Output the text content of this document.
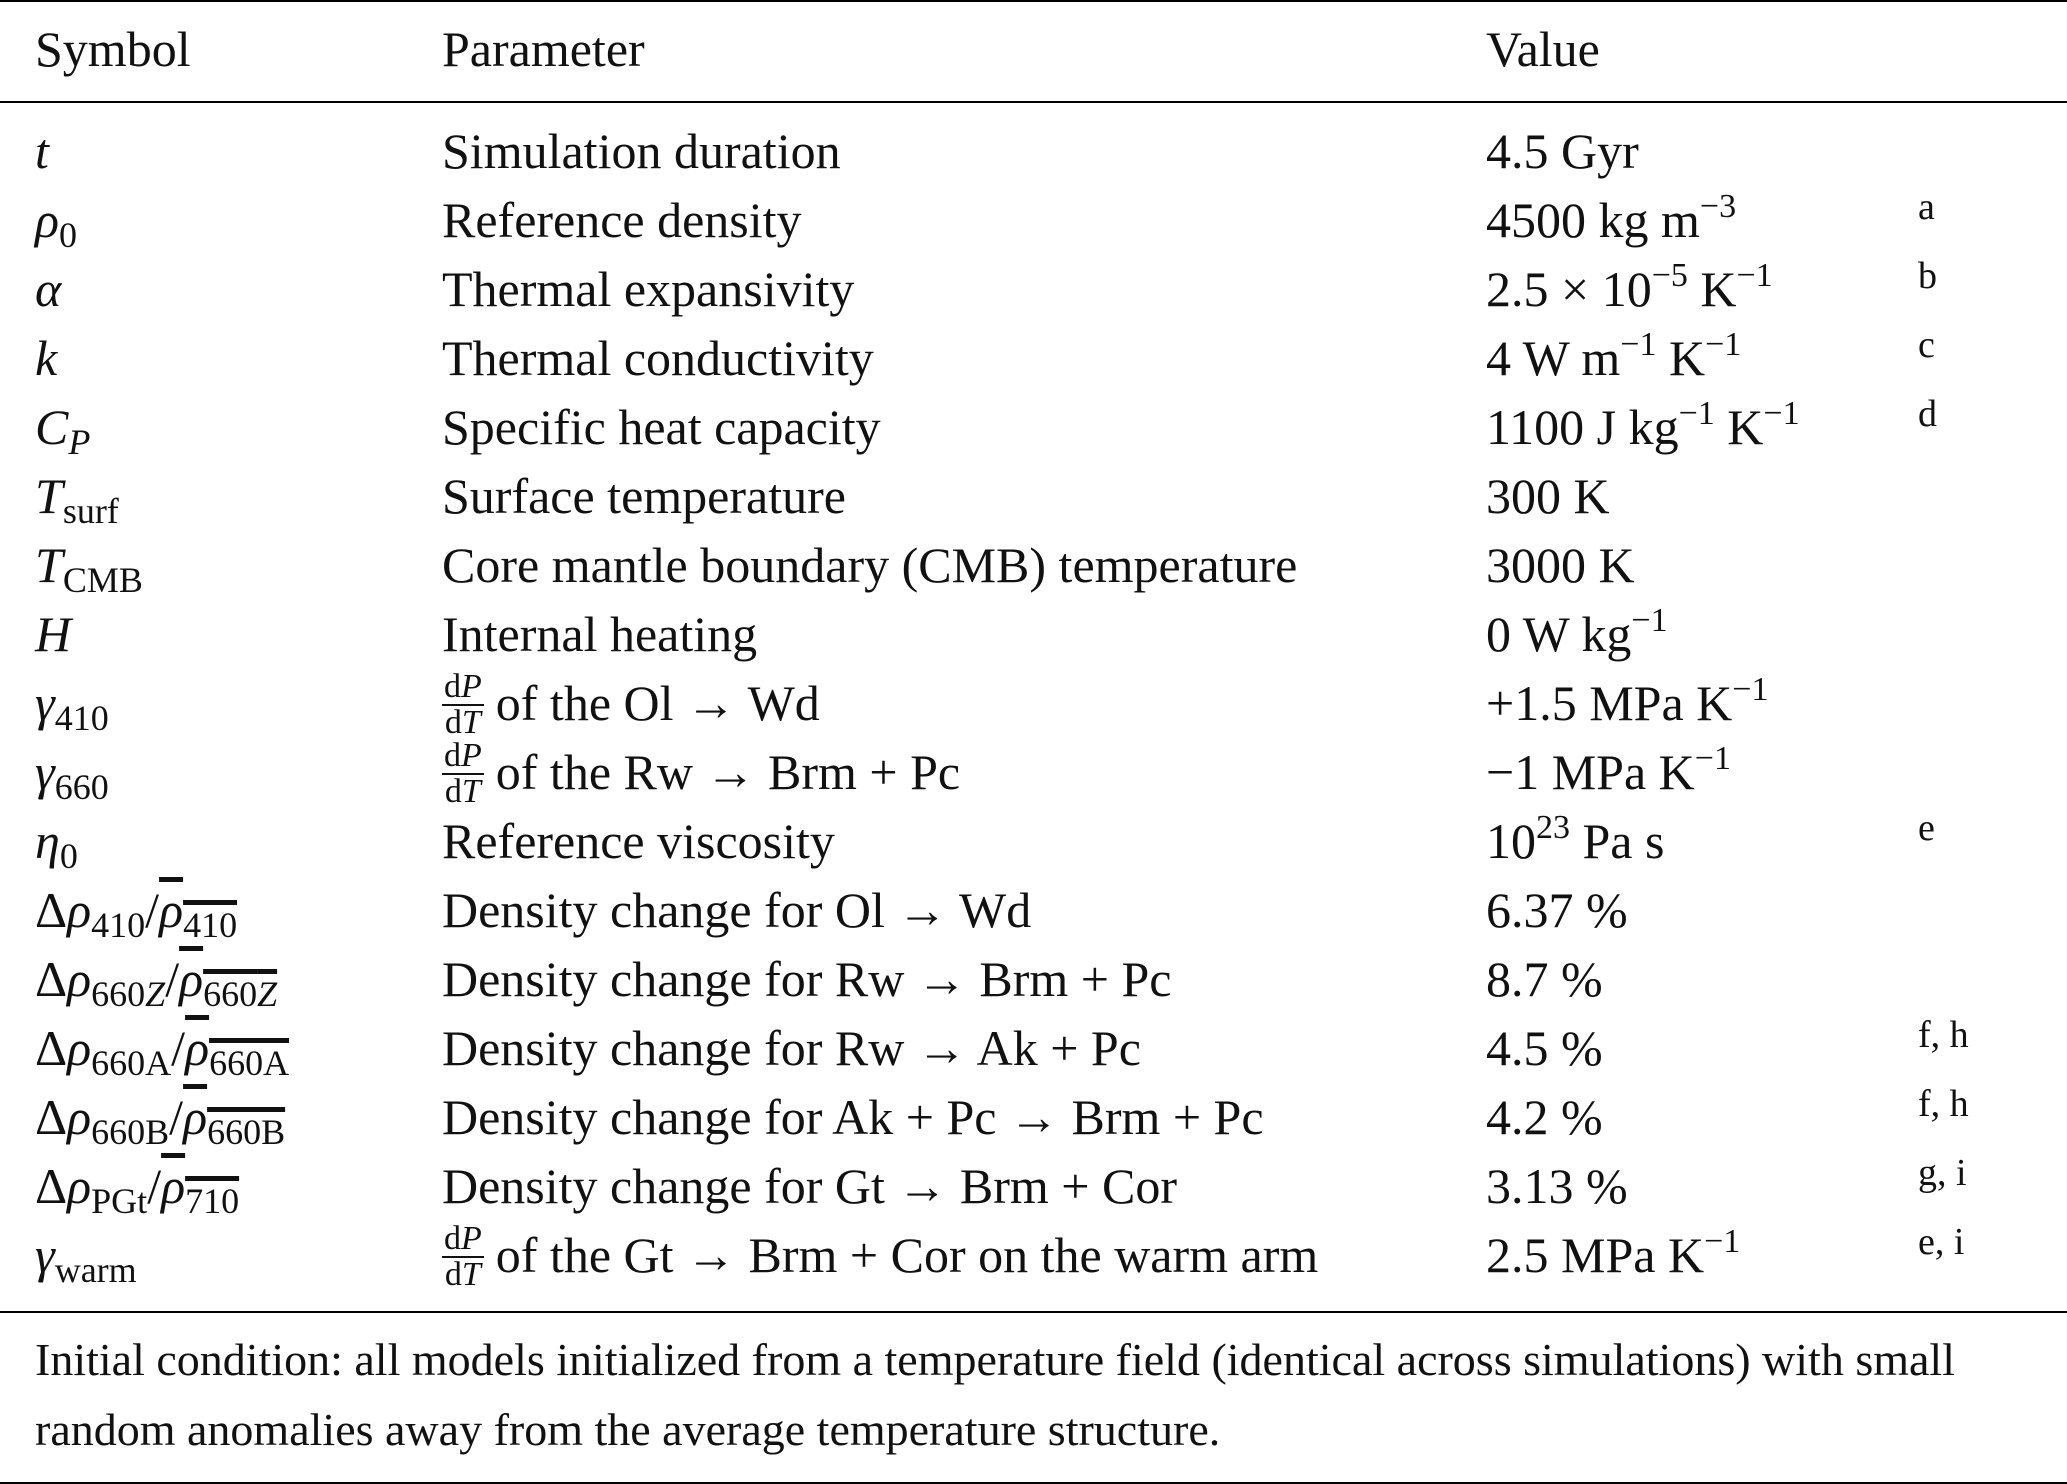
Symbol	Parameter	Value
t	Simulation duration	4.5 Gyr
$\rho_0$	Reference density	4500 kg $m^{-3}$	a
α	Thermal expansivity	$2.5 \times 10^{-5}$ $K^{-1}$	b
k	Thermal conductivity	4 W $m^{-1}$ $K^{-1}$	c
$C_P$	Specific heat capacity	1100 J $kg^{-1}$ $K^{-1}$	d
$T_{surf}$	Surface temperature	300 K
$T_{CMB}$	Core mantle boundary (CMB) temperature	3000 K
H	Internal heating	0 W $kg^{-1}$
$\gamma_{410}$	$\frac{dP}{dT}$ of the Ol → Wd	+1.5 MPa $K^{-1}$
$\gamma_{660}$	$\frac{dP}{dT}$ of the Rw → Brm + Pc	−1 MPa $K^{-1}$
$\eta_0$	Reference viscosity	$10^{23}$ Pa s	e
$\Delta\rho_{410}/\rho_{410}$	Density change for Ol → Wd	6.37 %
$\Delta\rho_{660Z}/\rho_{660Z}$	Density change for Rw → Brm + Pc	8.7 %
$\Delta\rho_{660A}/\rho_{660A}$	Density change for Rw → Ak + Pc	4.5 %	f, h
$\Delta\rho_{660B}/\rho_{660B}$	Density change for Ak + Pc → Brm + Pc	4.2 %	f, h
$\Delta\rho_{PGt}/\rho_{710}$	Density change for Gt → Brm + Cor	3.13 %	g, i
$\gamma_{warm}$	$\frac{dP}{dT}$ of the Gt → Brm + Cor on the warm arm	2.5 MPa $K^{-1}$	e, i
Initial condition: all models initialized from a temperature field (identical across simulations) with small random anomalies away from the average temperature structure.
